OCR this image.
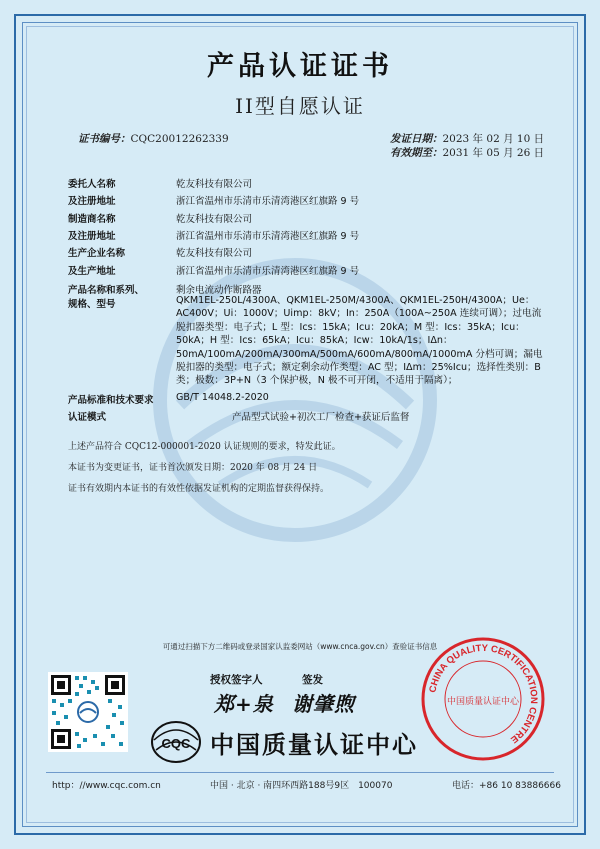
产品认证证书
II型自愿认证
证书编号：CQC20012262339	发证日期：2023 年 02 月 10 日
有效期至：2031 年 05 月 26 日
委托人名称	乾友科技有限公司
及注册地址	浙江省温州市乐清市乐清湾港区红旗路 9 号
制造商名称	乾友科技有限公司
及注册地址	浙江省温州市乐清市乐清湾港区红旗路 9 号
生产企业名称	乾友科技有限公司
及生产地址	浙江省温州市乐清市乐清湾港区红旗路 9 号
产品名称和系列、	剩余电流动作断路器
规格、型号	QKM1EL-250L/4300A、QKM1EL-250M/4300A、QKM1EL-250H/4300A；Ue：AC400V；Ui：1000V；Uimp：8kV；In：250A（100A~250A 连续可调）；过电流脱扣器类型：电子式；L 型：Ics：15kA；Icu：20kA；M 型：Ics：35kA；Icu：50kA；H 型：Ics：65kA；Icu：85kA；Icw：10kA/1s；IΔn：50mA/100mA/200mA/300mA/500mA/600mA/800mA/1000mA 分档可调；漏电脱扣器的类型：电子式；额定剩余动作类型：AC 型；IΔm：25%Icu；选择性类别：B 类；极数：3P+N（3 个保护极，N 极不可开闭，不适用于隔离）；
产品标准和技术要求 GB/T 14048.2-2020
认证模式	产品型式试验+初次工厂检查+获证后监督
上述产品符合 CQC12-000001-2020 认证规则的要求，特发此证。
本证书为变更证书，证书首次颁发日期：2020 年 08 月 24 日
证书有效期内本证书的有效性依据发证机构的定期监督获得保持。
可通过扫描下方二维码或登录国家认监委网站（www.cnca.gov.cn）查验证书信息
授权签字人	签发
郑+泉 谢肇煦
CQC 中国质量认证中心
CHINA QUALITY CERTIFICATION CENTRE
中国质量认证中心
http：//www.cqc.com.cn	中国 · 北京 · 南四环西路188号9区　100070	电话：+86 10 83886666
